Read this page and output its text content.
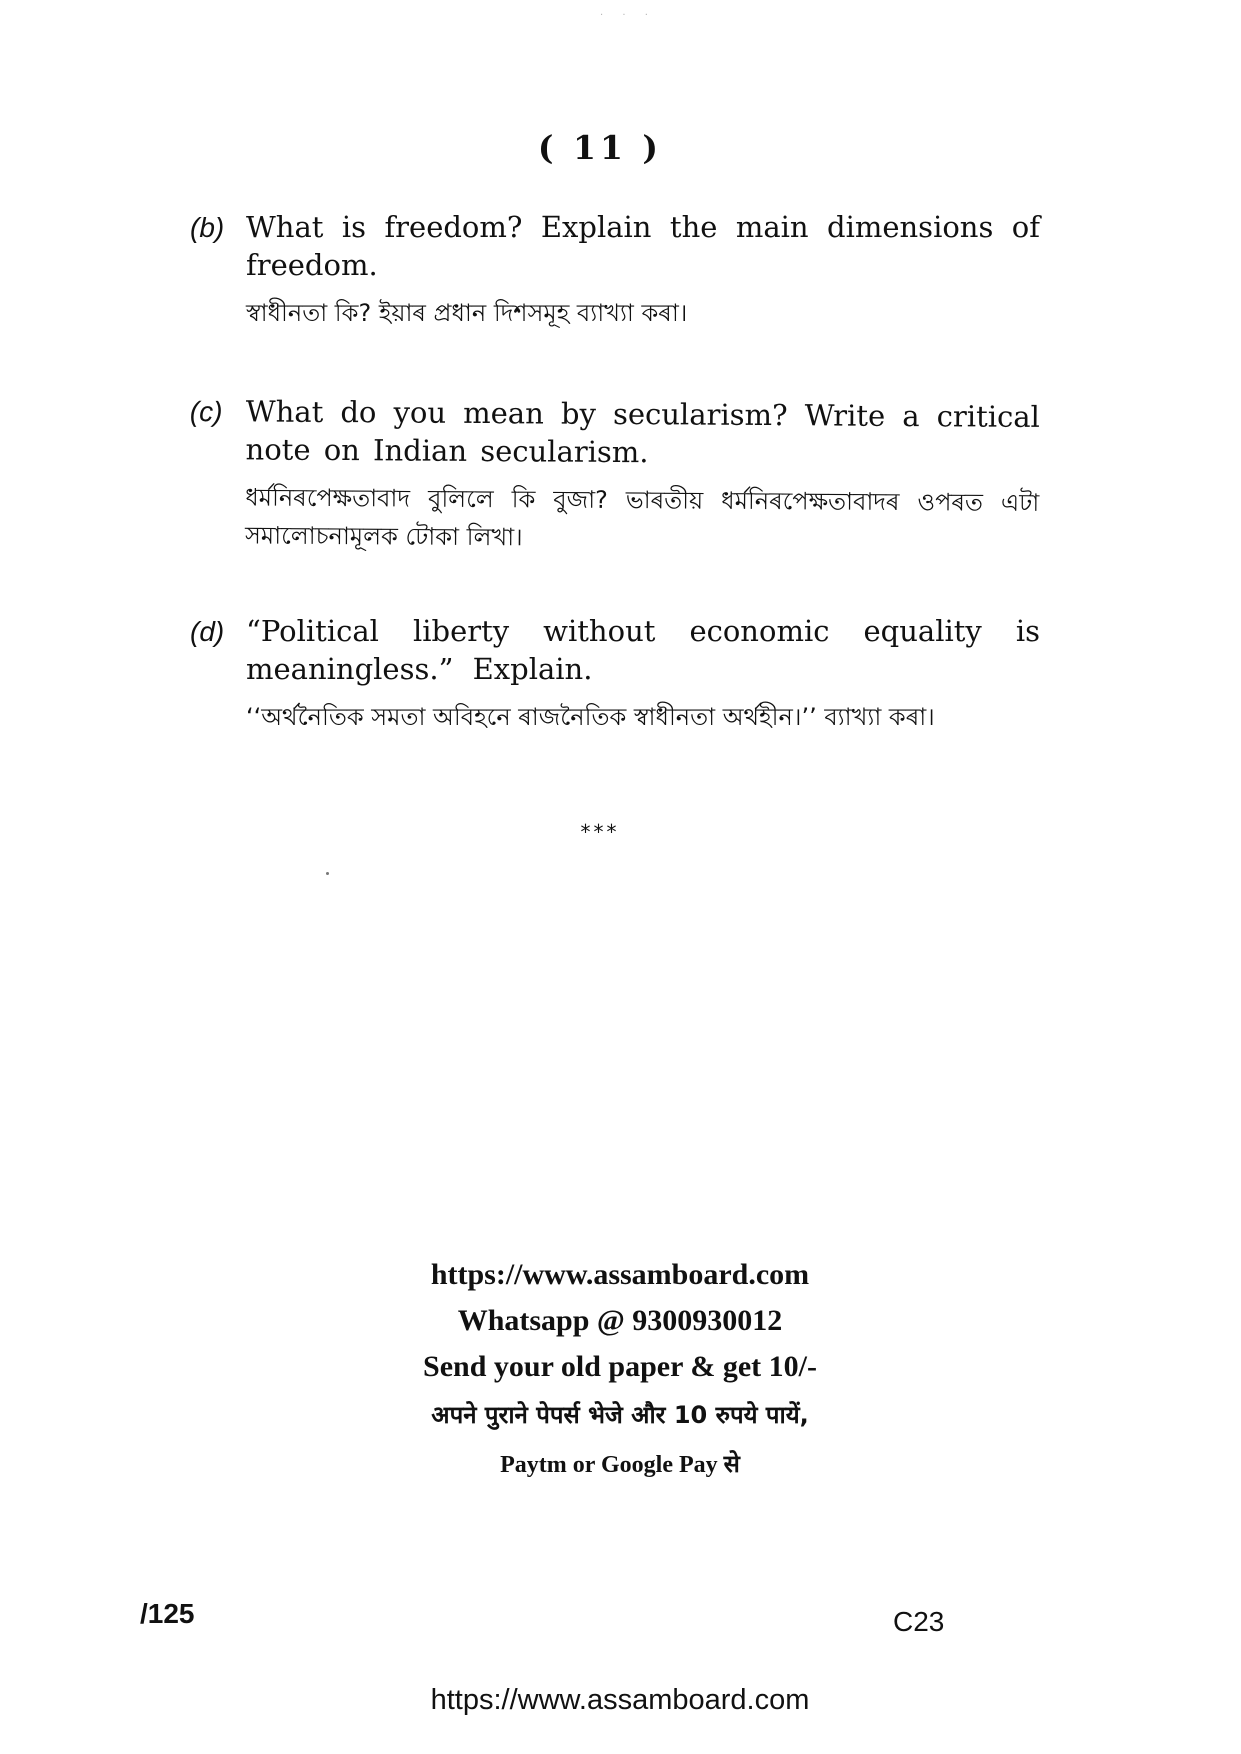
· · ·
( 11 )
(b) What is freedom? Explain the main dimensions of freedom.
স্বাধীনতা কি? ইয়াৰ প্ৰধান দিশসমূহ ব্যাখ্যা কৰা।
(c) What do you mean by secularism? Write a critical note on Indian secularism.
ধৰ্মনিৰপেক্ষতাবাদ বুলিলে কি বুজা? ভাৰতীয় ধৰ্মনিৰপেক্ষতাবাদৰ ওপৰত এটা সমালোচনামূলক টোকা লিখা।
(d) “Political liberty without economic equality is meaningless.” Explain.
‘‘অৰ্থনৈতিক সমতা অবিহনে ৰাজনৈতিক স্বাধীনতা অৰ্থহীন।’’ ব্যাখ্যা কৰা।
***
https://www.assamboard.com
Whatsapp @ 9300930012
Send your old paper & get 10/-
अपने पुराने पेपर्स भेजे और 10 रुपये पायें,
Paytm or Google Pay से
/125	C23
https://www.assamboard.com
